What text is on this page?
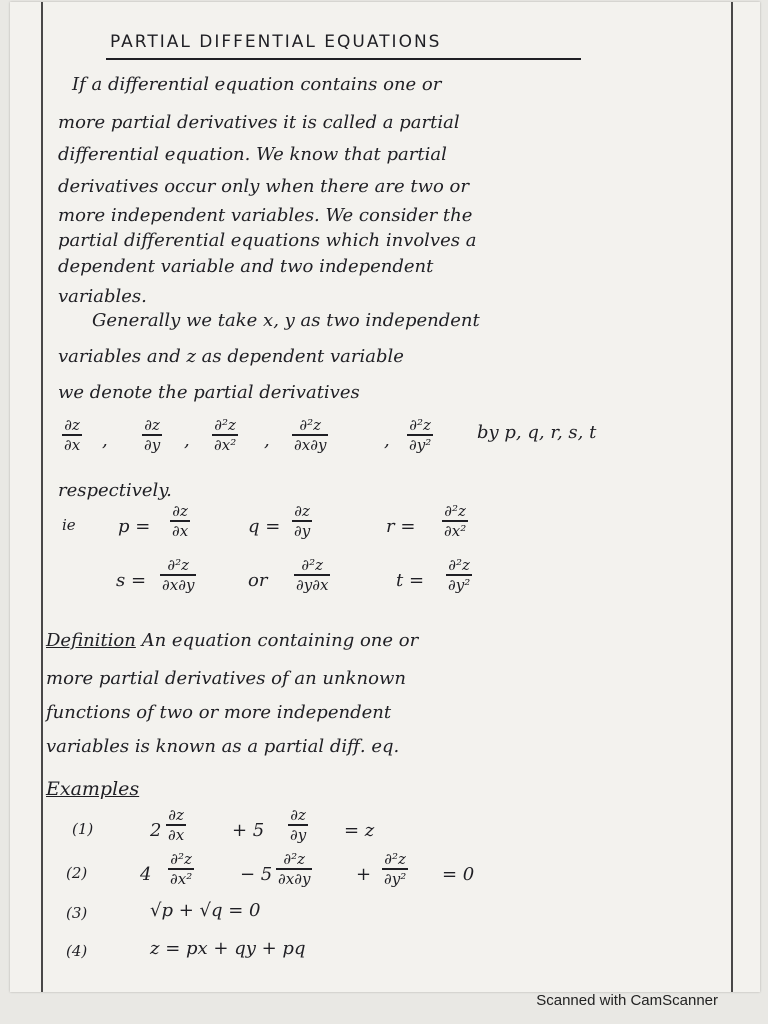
PARTIAL DIFFENTIAL EQUATIONS
If a differential equation contains one or
more partial derivatives it is called a partial
differential equation. We know that partial
derivatives occur only when there are two or
more independent variables. We consider the
partial differential equations which involves a
dependent variable and two independent
variables.
Generally we take x, y as two independent
variables and z as dependent variable
we denote the partial derivatives
∂z
∂x ,
∂z
∂y ,
∂²z
∂x² ,
∂²z
∂x∂y	,
∂²z
∂y²
by p, q, r, s, t
respectively.
ie p =
∂z
∂x	q =
∂z
∂y	r =
∂²z
∂x²
s =
∂²z
∂x∂y	or
∂²z
∂y∂x	t =
∂²z
∂y²
Definition An equation containing one or
more partial derivatives of an unknown
functions of two or more independent
variables is known as a partial diff. eq.
Examples
(1)	2
∂z
∂x	+ 5
∂z
∂y = z
(2)	4
∂²z
∂x²	− 5
∂²z
∂x∂y	+
∂²z
∂y² = 0
(3)	√p + √q = 0
(4)	z = px + qy + pq
Scanned with CamScanner
